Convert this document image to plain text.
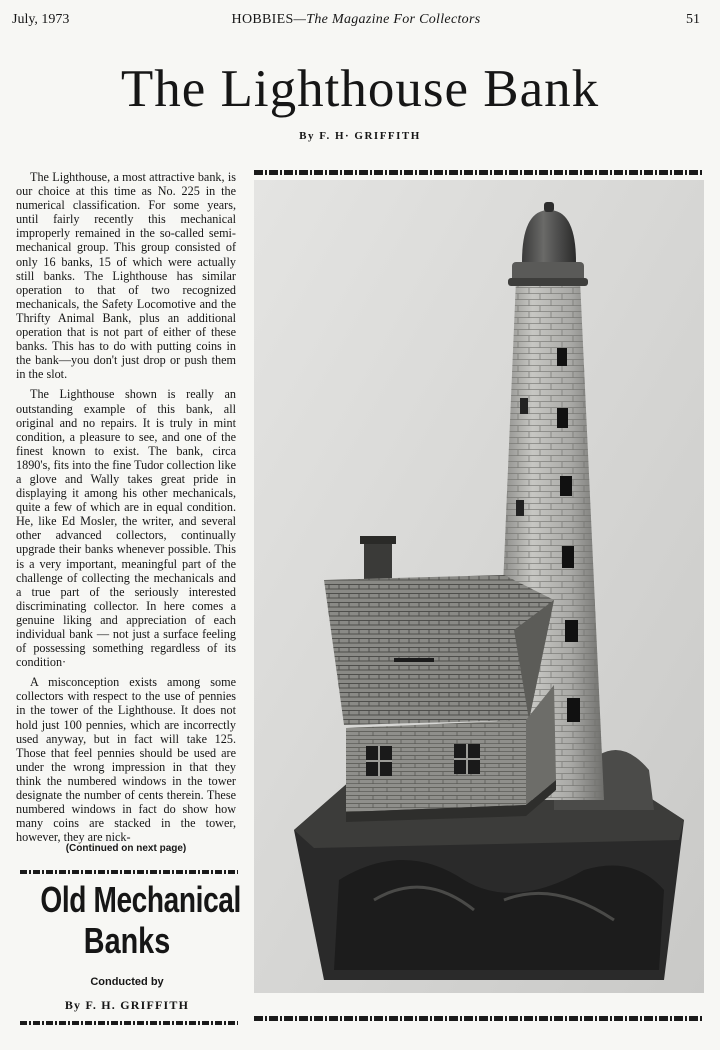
July, 1973	HOBBIES—The Magazine For Collectors	51
The Lighthouse Bank
By F. H· GRIFFITH

The Lighthouse, a most attractive bank, is our choice at this time as No. 225 in the numerical classification. For some years, until fairly recently this mechanical improperly remained in the so-called semi-mechanical group. This group consisted of only 16 banks, 15 of which were actually still banks. The Lighthouse has similar operation to that of two recognized mechanicals, the Safety Locomotive and the Thrifty Animal Bank, plus an additional operation that is not part of either of these banks. This has to do with putting coins in the bank—you don't just drop or push them in the slot.

The Lighthouse shown is really an outstanding example of this bank, all original and no repairs. It is truly in mint condition, a pleasure to see, and one of the finest known to exist. The bank, circa 1890's, fits into the fine Tudor collection like a glove and Wally takes great pride in displaying it among his other mechanicals, quite a few of which are in equal condition. He, like Ed Mosler, the writer, and several other advanced collectors, continually upgrade their banks whenever possible. This is a very important, meaningful part of the challenge of collecting the mechanicals and a true part of the seriously interested discriminating collector. In here comes a genuine liking and appreciation of each individual bank — not just a surface feeling of possessing something regardless of its condition·

A misconception exists among some collectors with respect to the use of pennies in the tower of the Lighthouse. It does not hold just 100 pennies, which are incorrectly used anyway, but in fact will take 125. Those that feel pennies should be used are under the wrong impression in that they think the numbered windows in the tower designate the number of cents therein. These numbered windows in fact do show how many coins are stacked in the tower, however, they are nick-

(Continued on next page)
Old Mechanical
Banks
Conducted by
By F. H. GRIFFITH
